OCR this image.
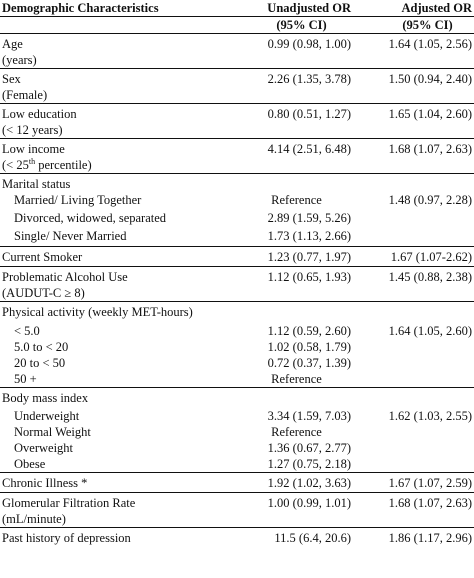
Demographic Characteristics	Unadjusted OR	Adjusted OR
	(95% CI)	(95% CI)
Age	0.99 (0.98, 1.00)	1.64 (1.05, 2.56)
(years)		
Sex	2.26 (1.35, 3.78)	1.50 (0.94, 2.40)
(Female)		
Low education	0.80 (0.51, 1.27)	1.65 (1.04, 2.60)
(< 12 years)		
Low income	4.14 (2.51, 6.48)	1.68 (1.07, 2.63)
(< 25th percentile)		
Marital status		
Married/ Living Together	Reference	1.48 (0.97, 2.28)
Divorced, widowed, separated	2.89 (1.59, 5.26)	
Single/ Never Married	1.73 (1.13, 2.66)	
Current Smoker	1.23 (0.77, 1.97)	1.67 (1.07-2.62)
Problematic Alcohol Use	1.12 (0.65, 1.93)	1.45 (0.88, 2.38)
(AUDUT-C ≥ 8)		
Physical activity (weekly MET-hours)		
< 5.0	1.12 (0.59, 2.60)	1.64 (1.05, 2.60)
5.0 to < 20	1.02 (0.58, 1.79)	
20 to < 50	0.72 (0.37, 1.39)	
50 +	Reference	
Body mass index		
Underweight	3.34 (1.59, 7.03)	1.62 (1.03, 2.55)
Normal Weight	Reference	
Overweight	1.36 (0.67, 2.77)	
Obese	1.27 (0.75, 2.18)	
Chronic Illness *	1.92 (1.02, 3.63)	1.67 (1.07, 2.59)
Glomerular Filtration Rate	1.00 (0.99, 1.01)	1.68 (1.07, 2.63)
(mL/minute)		
Past history of depression	11.5 (6.4, 20.6)	1.86 (1.17, 2.96)
